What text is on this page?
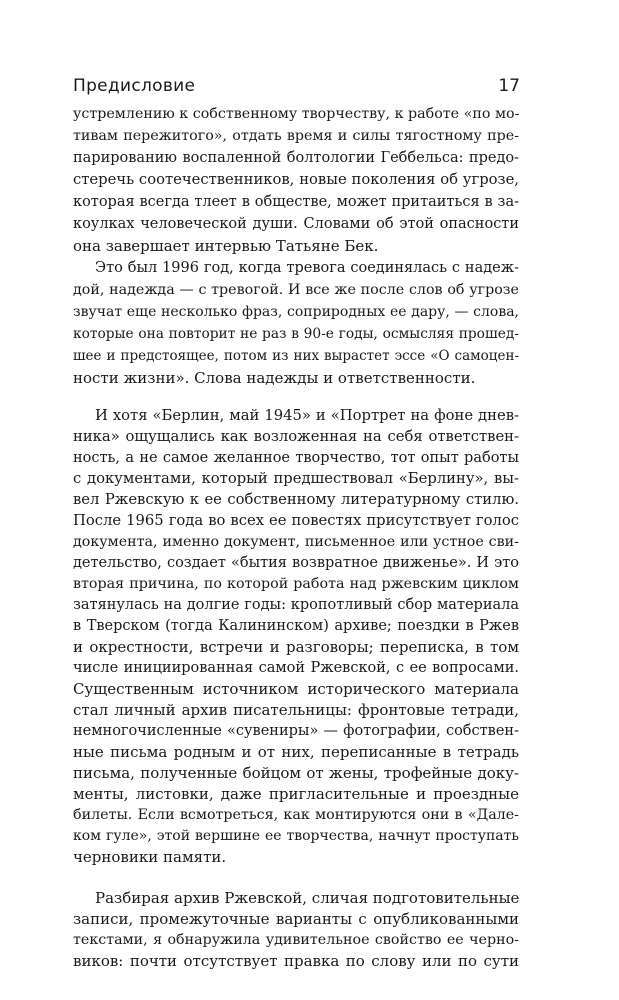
Предисловие	17
устремлению к собственному творчеству, к работе «по мо-
тивам пережитого», отдать время и силы тягостному пре-
парированию воспаленной болтологии Геббельса: предо-
стеречь соотечественников, новые поколения об угрозе,
которая всегда тлеет в обществе, может притаиться в за-
коулках человеческой души. Словами об этой опасности
она завершает интервью Татьяне Бек.
Это был 1996 год, когда тревога соединялась с надеж-
дой, надежда — с тревогой. И все же после слов об угрозе
звучат еще несколько фраз, соприродных ее дару, — слова,
которые она повторит не раз в 90-е годы, осмысляя прошед-
шее и предстоящее, потом из них вырастет эссе «О самоцен-
ности жизни». Слова надежды и ответственности.
И хотя «Берлин, май 1945» и «Портрет на фоне днев-
ника» ощущались как возложенная на себя ответствен-
ность, а не самое желанное творчество, тот опыт работы
с документами, который предшествовал «Берлину», вы-
вел Ржевскую к ее собственному литературному стилю.
После 1965 года во всех ее повестях присутствует голос
документа, именно документ, письменное или устное сви-
детельство, создает «бытия возвратное движенье». И это
вторая причина, по которой работа над ржевским циклом
затянулась на долгие годы: кропотливый сбор материала
в Тверском (тогда Калининском) архиве; поездки в Ржев
и окрестности, встречи и разговоры; переписка, в том
числе инициированная самой Ржевской, с ее вопросами.
Существенным источником исторического материала
стал личный архив писательницы: фронтовые тетради,
немногочисленные «сувениры» — фотографии, собствен-
ные письма родным и от них, переписанные в тетрадь
письма, полученные бойцом от жены, трофейные доку-
менты, листовки, даже пригласительные и проездные
билеты. Если всмотреться, как монтируются они в «Дале-
ком гуле», этой вершине ее творчества, начнут проступать
черновики памяти.
Разбирая архив Ржевской, сличая подготовительные
записи, промежуточные варианты с опубликованными
текстами, я обнаружила удивительное свойство ее черно-
виков: почти отсутствует правка по слову или по сути
